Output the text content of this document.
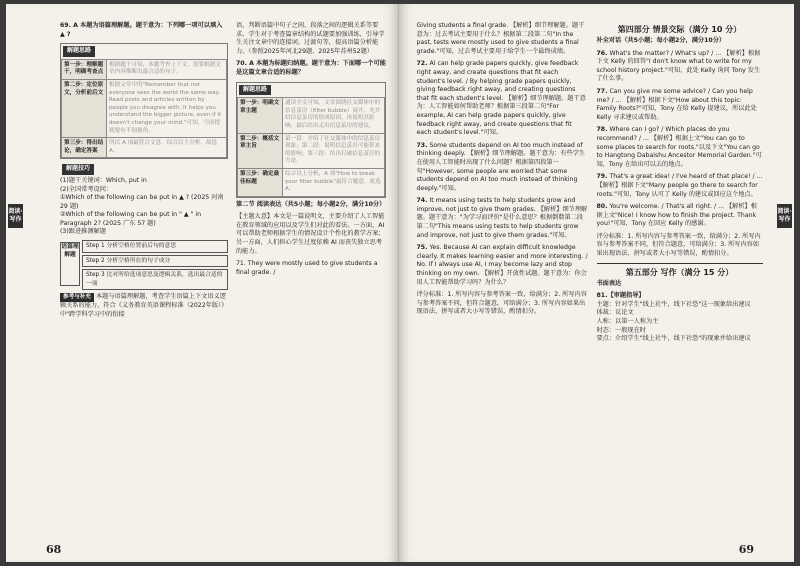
阅读·写作
69. A 本题为语篇理解题。题干意为：下列哪一项可以填入 ▲ ?
解题思路
第一步：理解题干，明确考查点	根据题干可知，本题考查上下文，需要根据文章内容推断出最合适的句子。
第二步：定位原文，分析前后文	根据文章中的"Remember that not everyone sees the world the same way. Read posts and articles written by people you disagree with. It helps you understand the bigger picture, even if it doesn't change your mind."可知，空前提到要有不同视角。
第三步：得出结论，确定答案	所以 A 项最符合文意。综合以上分析，故选 A。
解题技巧
(1)题干关键词：Which, put in
(2)全国常考设问：
①Which of the following can be put in ▲ ? (2025 河南 29 题)
②Which of the following can be put in " ▲ " in Paragraph 2? (2025 广东 57 题)
(3)跟进推测解题
语篇理解题
Step 1 分析空格位置前后句的意思
Step 2 分析空格所在的句子成分
Step 3 比对所给选项意思及逻辑关系，选出最合适的一项
参考与补充 本题与语篇理解题，考查学生语篇上下文语义逻辑关系的能力，符合《义务教育英语课程标准（2022年版）》中"跨学科学习中的衔接
语，判断语篇中句子之间、段落之间的逻辑关系等要求。学生对于考查篇章结构的试题要加强训练，引导学生关注文章中的连接词、过渡句等，提高语篇分析能力。（参照2025年河北29题、2025年苏州52题）
70. A 本题为标题归纳题。题干意为：下面哪一个可能是这篇文章合适的标题？
解题思路
第一步：明确文章主题	通读全文可知，文章围绕社交媒体中的信息茧房（filter bubble）展开，先介绍信息茧房的形成原因，再说明其影响，最后给出走出信息茧房的建议。
第二步：概括文章主旨	第一段：介绍了社交媒体中的信息茧房现象；第二段：说明信息茧房可能带来的影响；第三段：给出打破信息茧房的方法。
第三步：确定最佳标题	综合以上分析，A 项"How to break your filter bubble"最符合题意，故选 A。
第二节 阅读表达（共5小题；每小题2分，满分10分）
【主题大意】本文是一篇说明文，主要介绍了人工智能在教育领域的应用以及学生们对此的看法。一方面，AI 可以帮助老师根据学生的情况设计个性化的教学方案；另一方面，人们担心学生过度依赖 AI 而丧失独立思考的能力。
71. They were mostly used to give students a final grade. /
68
阅读·写作
Giving students a final grade. 【解析】细节理解题。题干意为：过去考试主要用于什么？根据第二段第二句"In the past, tests were mostly used to give students a final grade."可知，过去考试主要用于给学生一个最终成绩。
72. AI can help grade papers quickly, give feedback right away, and create questions that fit each student's level. / By helping grade papers quickly, giving feedback right away, and creating questions that fit each student's level. 【解析】细节理解题。题干意为：人工智能如何帮助老师？根据第三段第二句"For example, AI can help grade papers quickly, give feedback right away, and create questions that fit each student's level."可知。
73. Some students depend on AI too much instead of thinking deeply. 【解析】细节理解题。题干意为：有些学生在使用人工智能时出现了什么问题？根据第四段第一句"However, some people are worried that some students depend on AI too much instead of thinking deeply."可知。
74. It means using tests to help students grow and improve, not just to give them grades. 【解析】细节理解题。题干意为："为学习而评价"是什么意思？根据倒数第二段第二句"This means using tests to help students grow and improve, not just to give them grades."可知。
75. Yes. Because AI can explain difficult knowledge clearly. It makes learning easier and more interesting. / No. If I always use AI, I may become lazy and stop thinking on my own. 【解析】开放性试题。题干意为：你会用人工智能帮助学习吗？为什么？
评分标准：1. 所写内容与参考答案一致，给满分；2. 所写内容与参考答案不同，但符合题意，可给满分；3. 所写内容如果出现语法、拼写或者大小写等错误，酌情扣分。
第四部分 情景交际（满分 10 分）
补全对话（共5小题；每小题2分，满分10分）
76. What's the matter? / What's up? / ... 【解析】根据下文 Kelly 的回答"I don't know what to write for my school history project."可知，此处 Kelly 询问 Tony 发生了什么事。
77. Can you give me some advice? / Can you help me? / ... 【解析】根据下文"How about this topic: Family Roots?"可知，Tony 在给 Kelly 提建议，所以此处 Kelly 寻求建议或帮助。
78. Where can I go? / Which places do you recommend? / ... 【解析】根据上文"You can go to some places to search for roots."以及下文"You can go to Hangtong Dabaishu Ancestor Memorial Garden."可知，Tony 在给出可以去的地点。
79. That's a great idea! / I've heard of that place! / ... 【解析】根据下文"Many people go there to search for roots."可知，Tony 认可了 Kelly 的建议或回应这个地点。
80. You're welcome. / That's all right. / ... 【解析】根据上文"Nice! I know how to finish the project. Thank you!"可知，Tony 在回应 Kelly 的感谢。
评分标准：1. 所写内容与参考答案一致，给满分；2. 所写内容与参考答案不同，但符合题意，可给满分；3. 所写内容如果出现语法、拼写或者大小写等错误，酌情扣分。
第五部分 写作（满分 15 分）
书面表达
81.【审题指导】
主题：针对学生"线上社牛，线下社恐"这一现象给出建议
体裁：议论文
人称：以第一人称为主
时态：一般现在时
要点：介绍学生"线上社牛，线下社恐"的现象并给出建议
69
